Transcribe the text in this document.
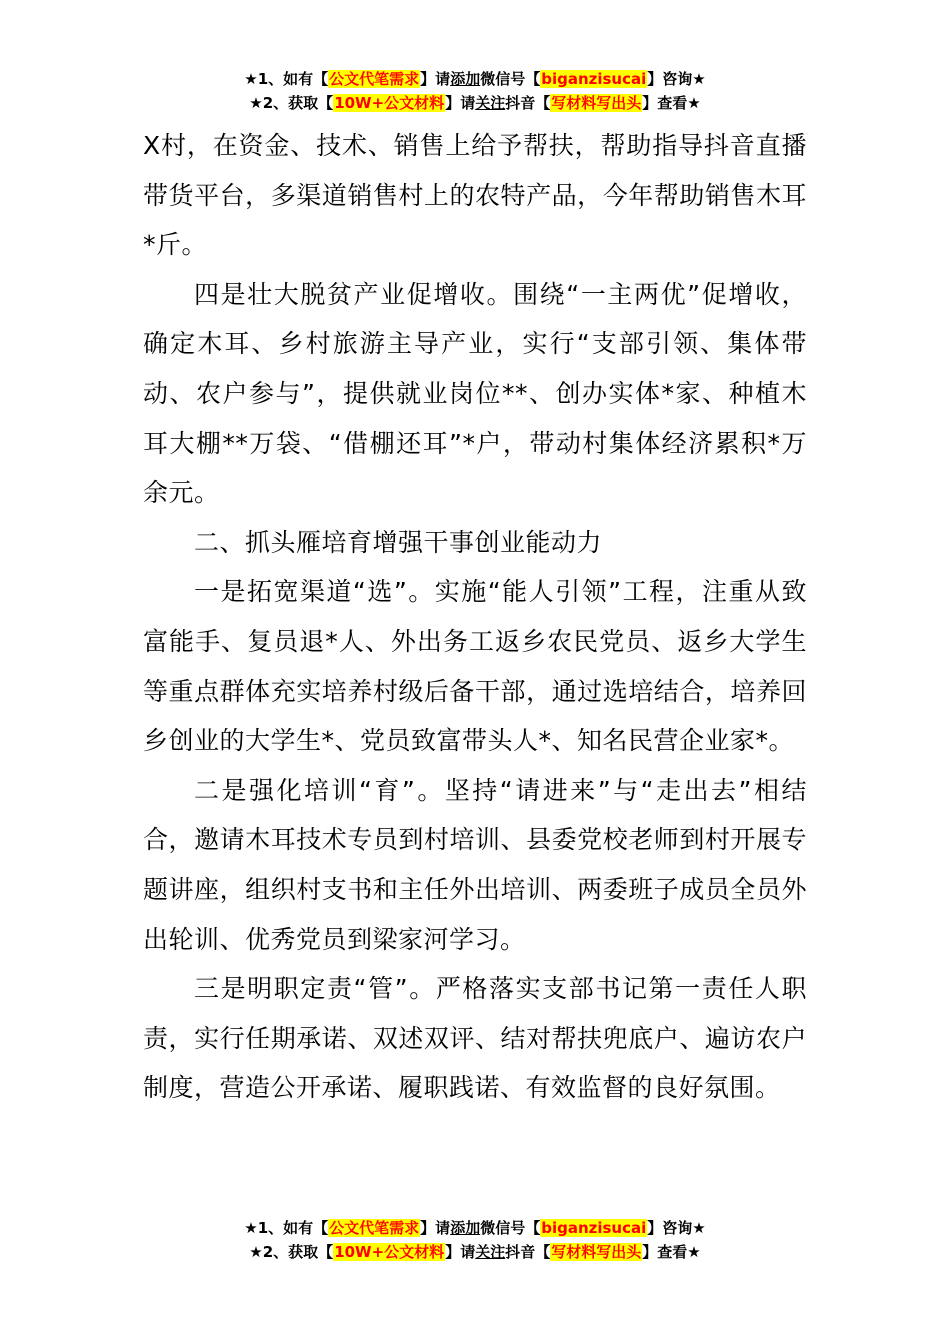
★1、如有【公文代笔需求】请添加微信号【biganzisucai】咨询★
★2、获取【10W+公文材料】请关注抖音【写材料写出头】查看★

X村，在资金、技术、销售上给予帮扶，帮助指导抖音直播带货平台，多渠道销售村上的农特产品，今年帮助销售木耳*斤。

四是壮大脱贫产业促增收。围绕“一主两优”促增收，确定木耳、乡村旅游主导产业，实行“支部引领、集体带动、农户参与”，提供就业岗位**、创办实体*家、种植木耳大棚**万袋、“借棚还耳”*户，带动村集体经济累积*万余元。

二、抓头雁培育增强干事创业能动力

一是拓宽渠道“选”。实施“能人引领”工程，注重从致富能手、复员退*人、外出务工返乡农民党员、返乡大学生等重点群体充实培养村级后备干部，通过选培结合，培养回乡创业的大学生*、党员致富带头人*、知名民营企业家*。

二是强化培训“育”。坚持“请进来”与“走出去”相结合，邀请木耳技术专员到村培训、县委党校老师到村开展专题讲座，组织村支书和主任外出培训、两委班子成员全员外出轮训、优秀党员到梁家河学习。

三是明职定责“管”。严格落实支部书记第一责任人职责，实行任期承诺、双述双评、结对帮扶兜底户、遍访农户制度，营造公开承诺、履职践诺、有效监督的良好氛围。

★1、如有【公文代笔需求】请添加微信号【biganzisucai】咨询★
★2、获取【10W+公文材料】请关注抖音【写材料写出头】查看★
